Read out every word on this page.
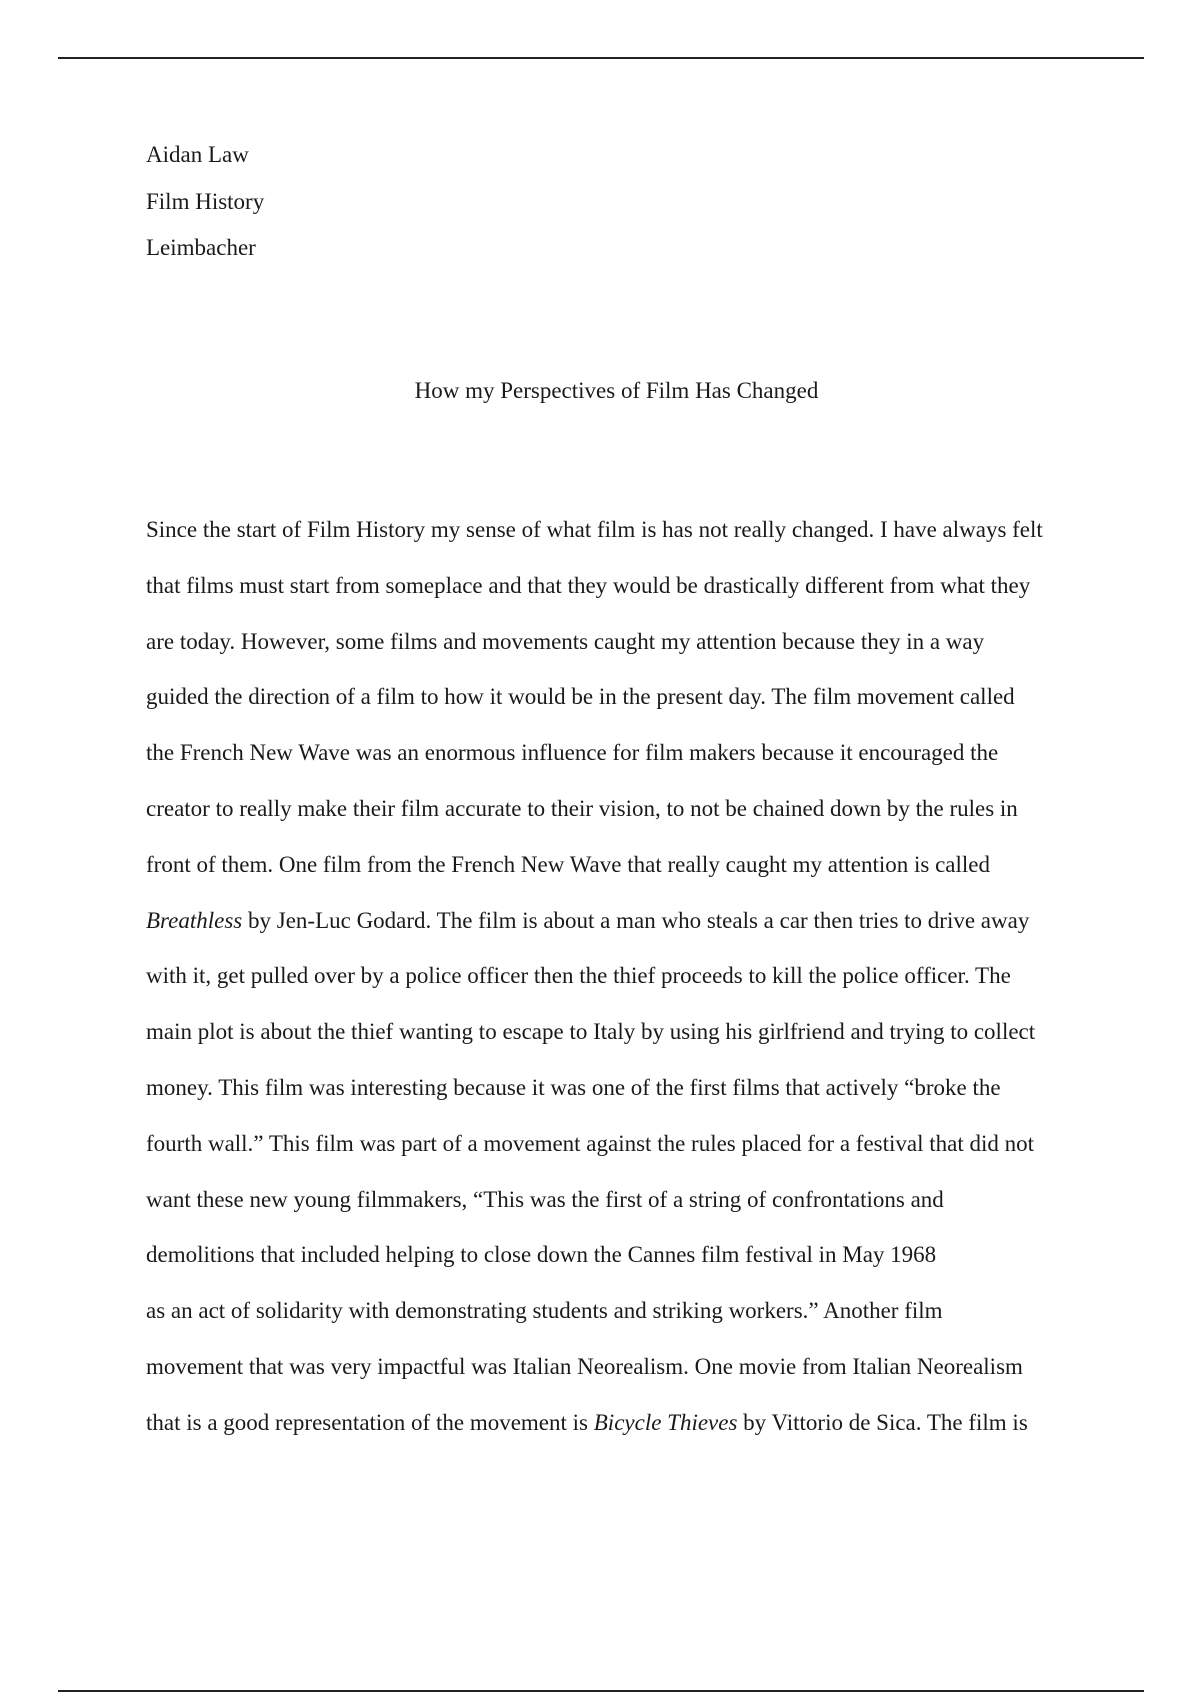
Aidan Law
Film History
Leimbacher
How my Perspectives of Film Has Changed
Since the start of Film History my sense of what film is has not really changed. I have always felt
that films must start from someplace and that they would be drastically different from what they
are today. However, some films and movements caught my attention because they in a way
guided the direction of a film to how it would be in the present day. The film movement called
the French New Wave was an enormous influence for film makers because it encouraged the
creator to really make their film accurate to their vision, to not be chained down by the rules in
front of them. One film from the French New Wave that really caught my attention is called
Breathless by Jen-Luc Godard. The film is about a man who steals a car then tries to drive away
with it, get pulled over by a police officer then the thief proceeds to kill the police officer. The
main plot is about the thief wanting to escape to Italy by using his girlfriend and trying to collect
money. This film was interesting because it was one of the first films that actively “broke the
fourth wall.” This film was part of a movement against the rules placed for a festival that did not
want these new young filmmakers, “This was the first of a string of confrontations and
demolitions that included helping to close down the Cannes film festival in May 1968
as an act of solidarity with demonstrating students and striking workers.” Another film
movement that was very impactful was Italian Neorealism. One movie from Italian Neorealism
that is a good representation of the movement is Bicycle Thieves by Vittorio de Sica. The film is
